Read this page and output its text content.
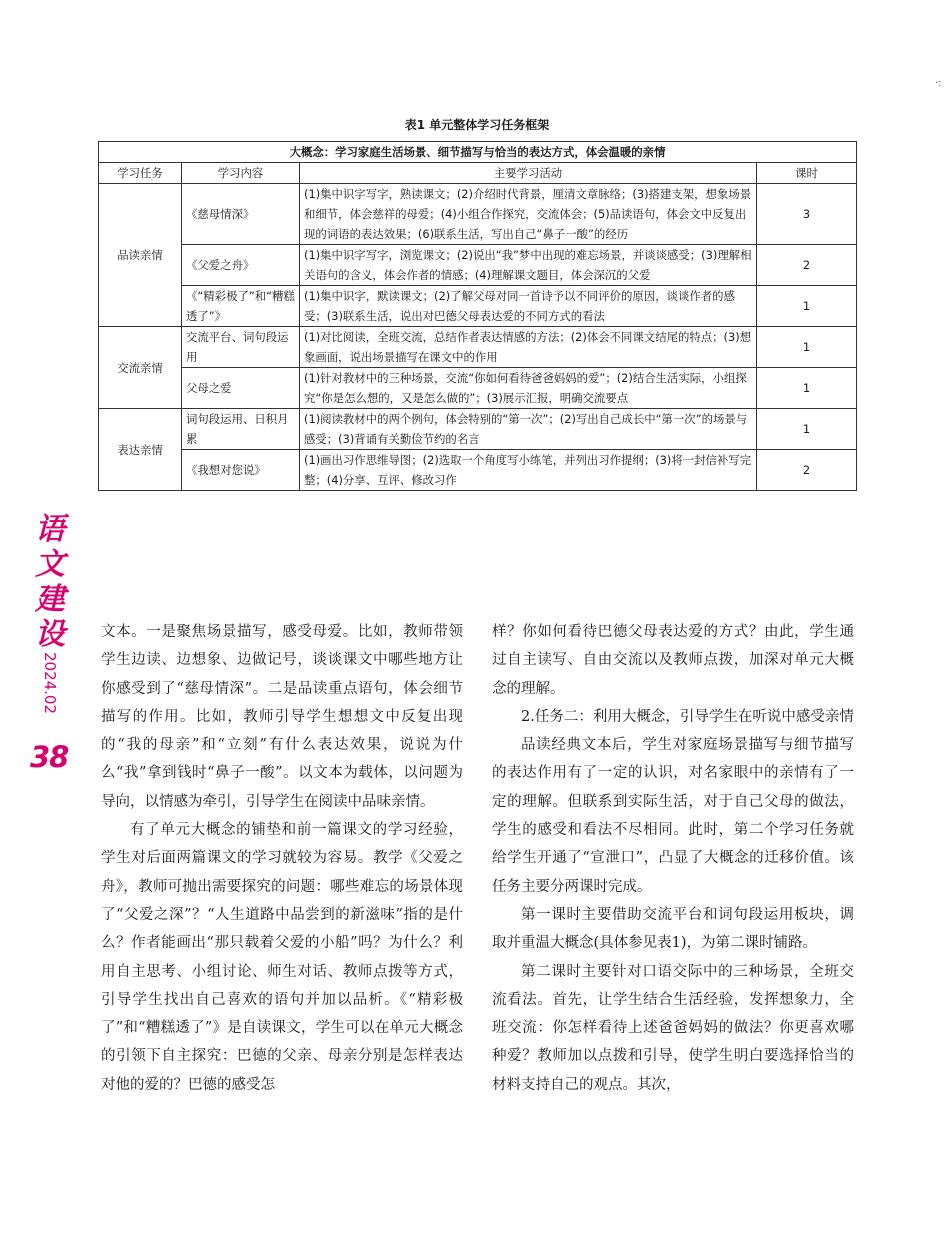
·:
表1 单元整体学习任务框架
大概念：学习家庭生活场景、细节描写与恰当的表达方式，体会温暖的亲情			
学习任务	学习内容	主要学习活动	课时
品读亲情	《慈母情深》	(1)集中识字写字，熟读课文；(2)介绍时代背景，厘清文章脉络；(3)搭建支架，想象场景和细节，体会慈祥的母爱；(4)小组合作探究，交流体会；(5)品读语句，体会文中反复出现的词语的表达效果；(6)联系生活，写出自己“鼻子一酸”的经历	3
	《父爱之舟》	(1)集中识字写字，浏览课文；(2)说出“我”梦中出现的难忘场景，并谈谈感受；(3)理解相关语句的含义，体会作者的情感；(4)理解课文题目，体会深沉的父爱	2
	《“精彩极了”和“糟糕透了”》	(1)集中识字，默读课文；(2)了解父母对同一首诗予以不同评价的原因，谈谈作者的感受；(3)联系生活，说出对巴德父母表达爱的不同方式的看法	1
交流亲情	交流平台、词句段运用	(1)对比阅读，全班交流，总结作者表达情感的方法；(2)体会不同课文结尾的特点；(3)想象画面，说出场景描写在课文中的作用	1
	父母之爱	(1)针对教材中的三种场景，交流“你如何看待爸爸妈妈的爱”；(2)结合生活实际，小组探究“你是怎么想的，又是怎么做的”；(3)展示汇报，明确交流要点	1
表达亲情	词句段运用、日积月累	(1)阅读教材中的两个例句，体会特别的“第一次”；(2)写出自己成长中“第一次”的场景与感受；(3)背诵有关勤俭节约的名言	1
	《我想对您说》	(1)画出习作思维导图；(2)选取一个角度写小练笔，并列出习作提纲；(3)将一封信补写完整；(4)分享、互评、修改习作	2
语文建设
2024.02
38

文本。一是聚焦场景描写，感受母爱。比如，教师带领学生边读、边想象、边做记号，谈谈课文中哪些地方让你感受到了“慈母情深”。二是品读重点语句，体会细节描写的作用。比如，教师引导学生想想文中反复出现的“我的母亲”和“立刻”有什么表达效果，说说为什么“我”拿到钱时“鼻子一酸”。以文本为载体，以问题为导向，以情感为牵引，引导学生在阅读中品味亲情。

有了单元大概念的铺垫和前一篇课文的学习经验，学生对后面两篇课文的学习就较为容易。教学《父爱之舟》，教师可抛出需要探究的问题：哪些难忘的场景体现了“父爱之深”？“人生道路中品尝到的新滋味”指的是什么？作者能画出“那只载着父爱的小船”吗？为什么？利用自主思考、小组讨论、师生对话、教师点拨等方式，引导学生找出自己喜欢的语句并加以品析。《“精彩极了”和“糟糕透了”》是自读课文，学生可以在单元大概念的引领下自主探究：巴德的父亲、母亲分别是怎样表达对他的爱的？巴德的感受怎

样？你如何看待巴德父母表达爱的方式？由此，学生通过自主读写、自由交流以及教师点拨，加深对单元大概念的理解。

2.任务二：利用大概念，引导学生在听说中感受亲情

品读经典文本后，学生对家庭场景描写与细节描写的表达作用有了一定的认识，对名家眼中的亲情有了一定的理解。但联系到实际生活，对于自己父母的做法，学生的感受和看法不尽相同。此时，第二个学习任务就给学生开通了“宣泄口”，凸显了大概念的迁移价值。该任务主要分两课时完成。

第一课时主要借助交流平台和词句段运用板块，调取并重温大概念(具体参见表1)，为第二课时铺路。

第二课时主要针对口语交际中的三种场景，全班交流看法。首先，让学生结合生活经验，发挥想象力，全班交流：你怎样看待上述爸爸妈妈的做法？你更喜欢哪种爱？教师加以点拨和引导，使学生明白要选择恰当的材料支持自己的观点。其次，
